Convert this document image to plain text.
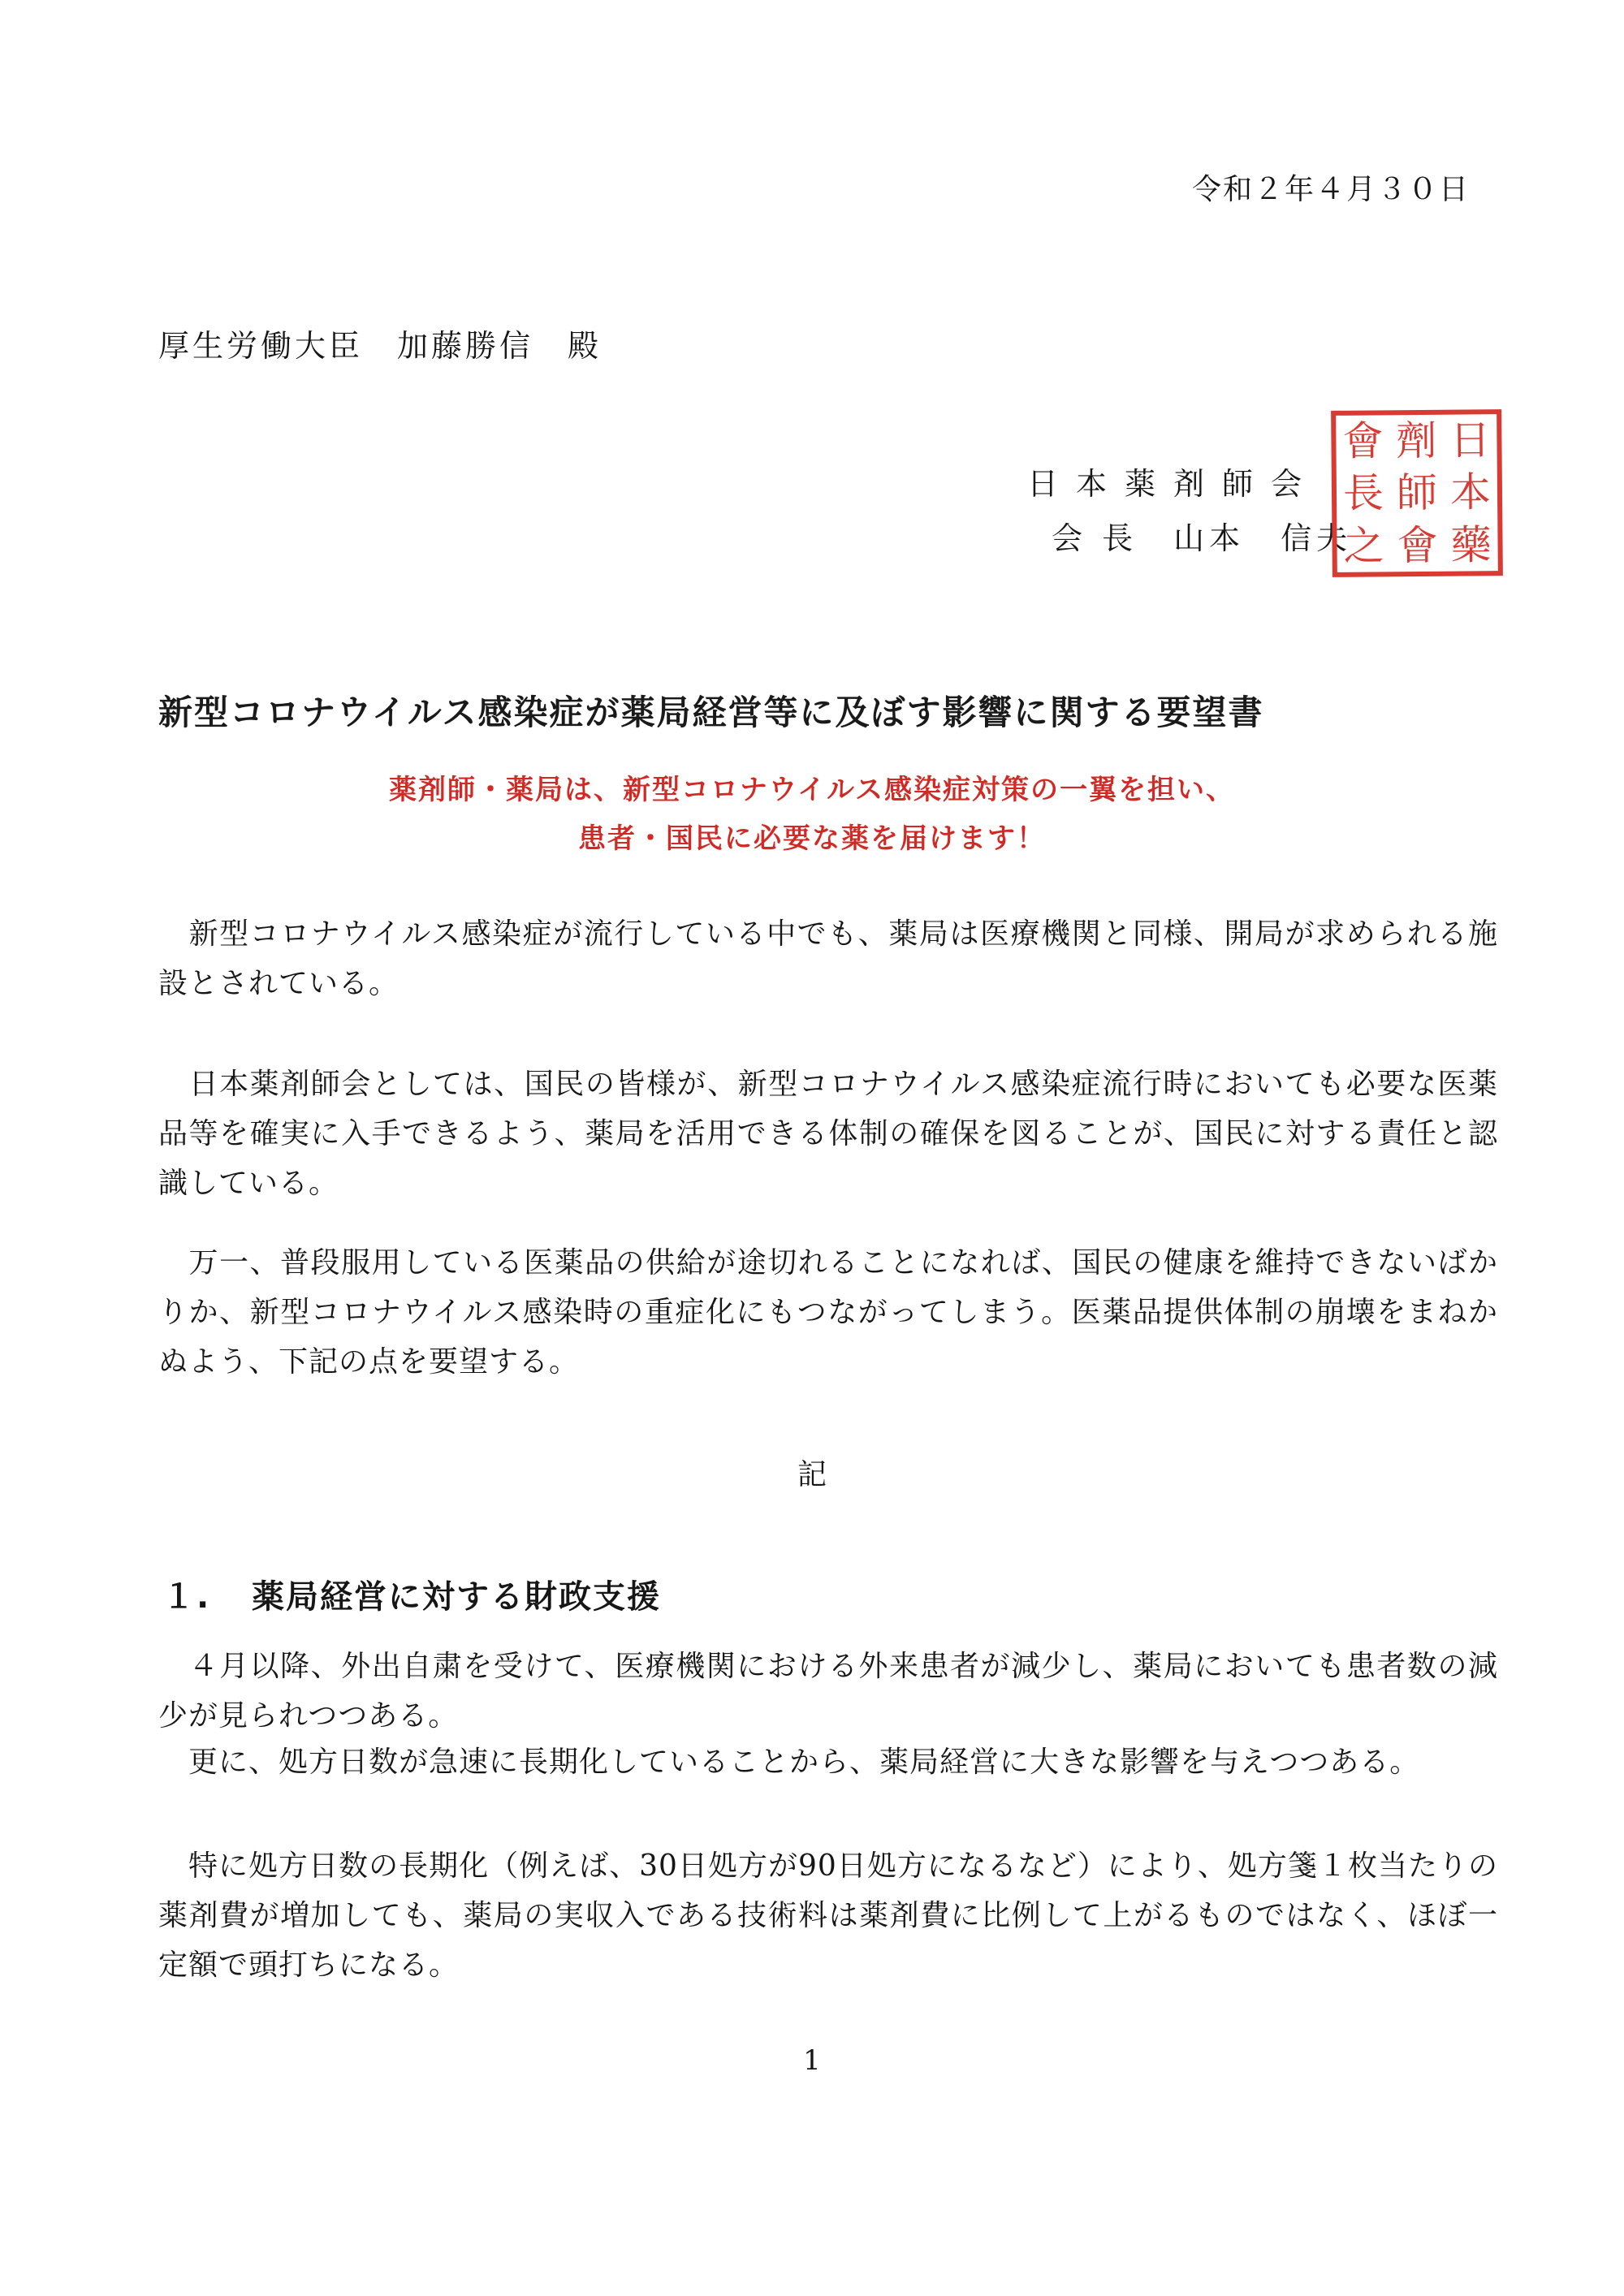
令和２年４月３０日
厚生労働大臣　加藤勝信　殿
日本薬剤師会
会 長　山本　信夫
會 劑 日
長 師 本
之 會 藥
新型コロナウイルス感染症が薬局経営等に及ぼす影響に関する要望書
薬剤師・薬局は、新型コロナウイルス感染症対策の一翼を担い、
患者・国民に必要な薬を届けます！

　新型コロナウイルス感染症が流行している中でも、薬局は医療機関と同様、開局が求められる施設とされている。

　日本薬剤師会としては、国民の皆様が、新型コロナウイルス感染症流行時においても必要な医薬品等を確実に入手できるよう、薬局を活用できる体制の確保を図ることが、国民に対する責任と認識している。

　万一、普段服用している医薬品の供給が途切れることになれば、国民の健康を維持できないばかりか、新型コロナウイルス感染時の重症化にもつながってしまう。医薬品提供体制の崩壊をまねかぬよう、下記の点を要望する。

記
１. 薬局経営に対する財政支援

　４月以降、外出自粛を受けて、医療機関における外来患者が減少し、薬局においても患者数の減少が見られつつある。

　更に、処方日数が急速に長期化していることから、薬局経営に大きな影響を与えつつある。

　特に処方日数の長期化（例えば、30日処方が90日処方になるなど）により、処方箋１枚当たりの薬剤費が増加しても、薬局の実収入である技術料は薬剤費に比例して上がるものではなく、ほぼ一定額で頭打ちになる。

1
